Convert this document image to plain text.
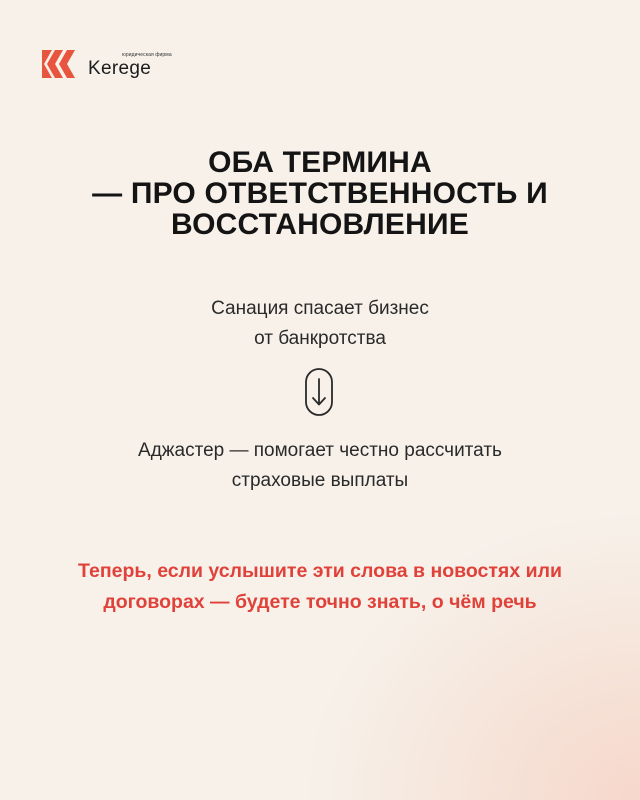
юридическая фирма
Kerege
ОБА ТЕРМИНА
— ПРО ОТВЕТСТВЕННОСТЬ И
ВОССТАНОВЛЕНИЕ
Санация спасает бизнес
от банкротства
Аджастер — помогает честно рассчитать
страховые выплаты
Теперь, если услышите эти слова в новостях или
договорах — будете точно знать, о чём речь
